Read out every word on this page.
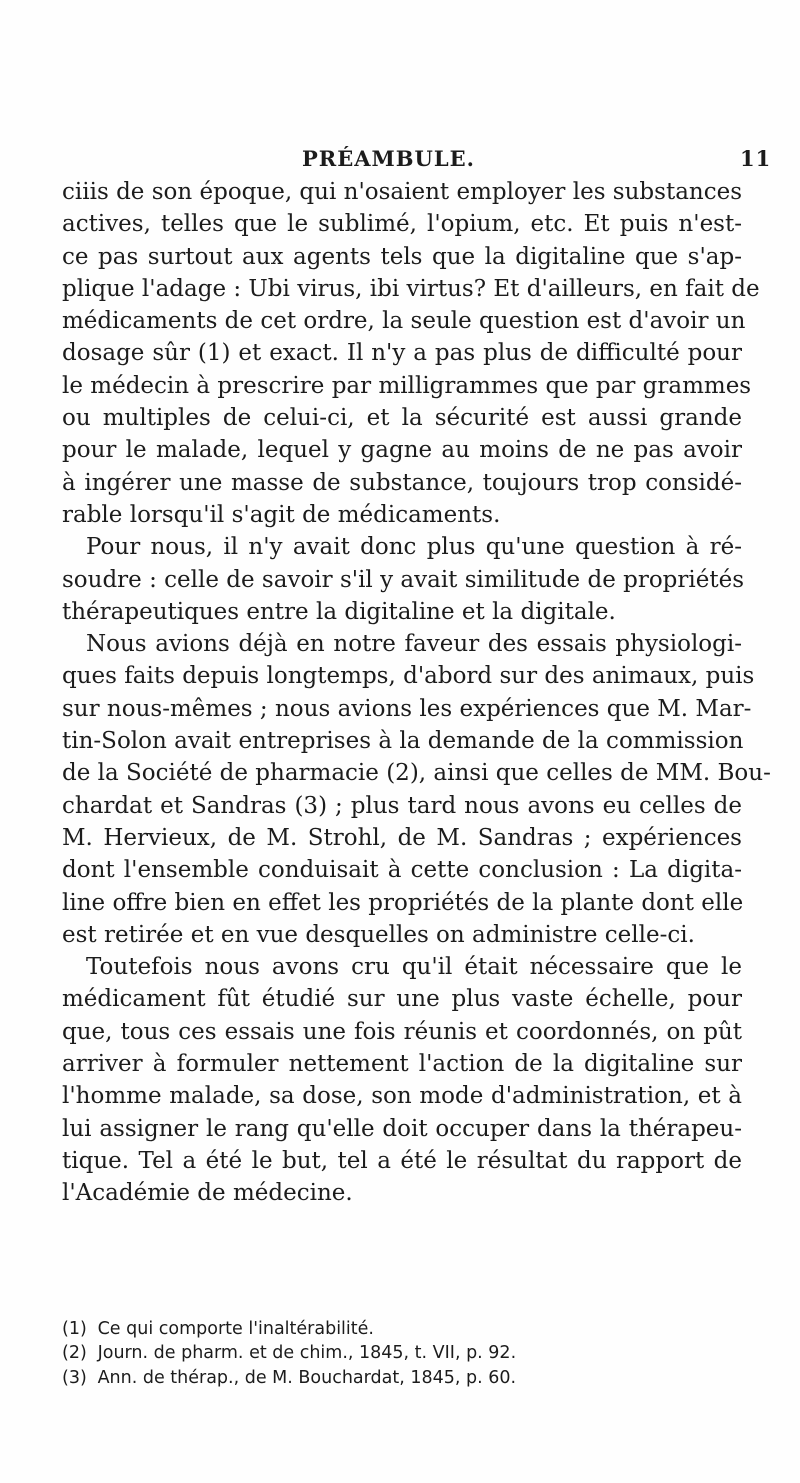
PRÉAMBULE.	11
ciiis de son époque, qui n'osaient employer les substances
actives, telles que le sublimé, l'opium, etc. Et puis n'est-
ce pas surtout aux agents tels que la digitaline que s'ap-
plique l'adage : Ubi virus, ibi virtus? Et d'ailleurs, en fait de
médicaments de cet ordre, la seule question est d'avoir un
dosage sûr (1) et exact. Il n'y a pas plus de difficulté pour
le médecin à prescrire par milligrammes que par grammes
ou multiples de celui-ci, et la sécurité est aussi grande
pour le malade, lequel y gagne au moins de ne pas avoir
à ingérer une masse de substance, toujours trop considé-
rable lorsqu'il s'agit de médicaments.
Pour nous, il n'y avait donc plus qu'une question à ré-
soudre : celle de savoir s'il y avait similitude de propriétés
thérapeutiques entre la digitaline et la digitale.
Nous avions déjà en notre faveur des essais physiologi-
ques faits depuis longtemps, d'abord sur des animaux, puis
sur nous-mêmes ; nous avions les expériences que M. Mar-
tin-Solon avait entreprises à la demande de la commission
de la Société de pharmacie (2), ainsi que celles de MM. Bou-
chardat et Sandras (3) ; plus tard nous avons eu celles de
M. Hervieux, de M. Strohl, de M. Sandras ; expériences
dont l'ensemble conduisait à cette conclusion : La digita-
line offre bien en effet les propriétés de la plante dont elle
est retirée et en vue desquelles on administre celle-ci.
Toutefois nous avons cru qu'il était nécessaire que le
médicament fût étudié sur une plus vaste échelle, pour
que, tous ces essais une fois réunis et coordonnés, on pût
arriver à formuler nettement l'action de la digitaline sur
l'homme malade, sa dose, son mode d'administration, et à
lui assigner le rang qu'elle doit occuper dans la thérapeu-
tique. Tel a été le but, tel a été le résultat du rapport de
l'Académie de médecine.
(1) Ce qui comporte l'inaltérabilité.
(2) Journ. de pharm. et de chim., 1845, t. VII, p. 92.
(3) Ann. de thérap., de M. Bouchardat, 1845, p. 60.
